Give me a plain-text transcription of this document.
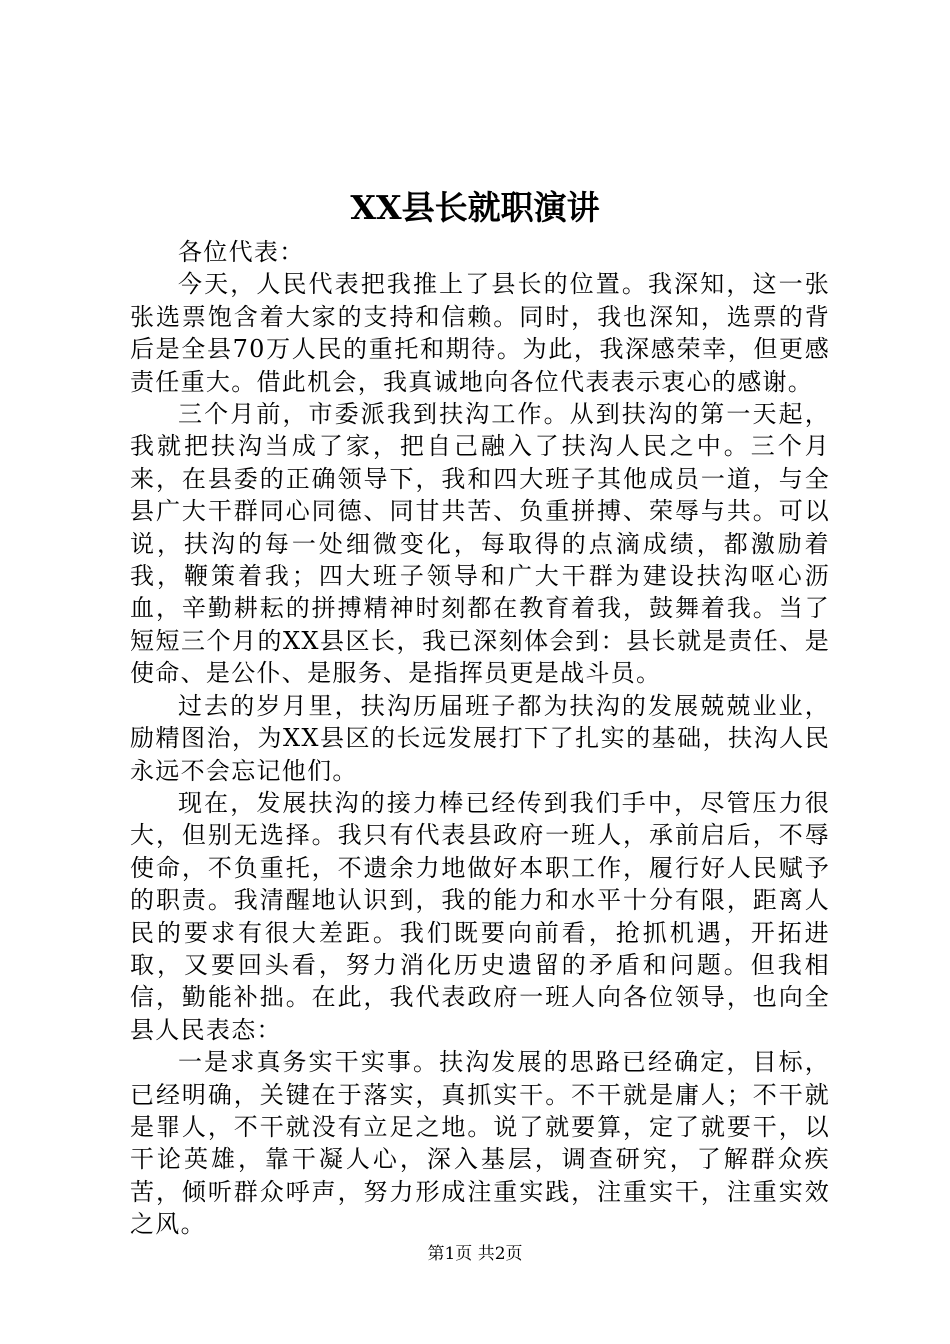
XX县长就职演讲

各位代表：

今天，人民代表把我推上了县长的位置。我深知，这一张张选票饱含着大家的支持和信赖。同时，我也深知，选票的背后是全县70万人民的重托和期待。为此，我深感荣幸，但更感责任重大。借此机会，我真诚地向各位代表表示衷心的感谢。

三个月前，市委派我到扶沟工作。从到扶沟的第一天起，我就把扶沟当成了家，把自己融入了扶沟人民之中。三个月来，在县委的正确领导下，我和四大班子其他成员一道，与全县广大干群同心同德、同甘共苦、负重拼搏、荣辱与共。可以说，扶沟的每一处细微变化，每取得的点滴成绩，都激励着我，鞭策着我；四大班子领导和广大干群为建设扶沟呕心沥血，辛勤耕耘的拼搏精神时刻都在教育着我，鼓舞着我。当了短短三个月的XX县区长，我已深刻体会到：县长就是责任、是使命、是公仆、是服务、是指挥员更是战斗员。

过去的岁月里，扶沟历届班子都为扶沟的发展兢兢业业，励精图治，为XX县区的长远发展打下了扎实的基础，扶沟人民永远不会忘记他们。

现在，发展扶沟的接力棒已经传到我们手中，尽管压力很大，但别无选择。我只有代表县政府一班人，承前启后，不辱使命，不负重托，不遗余力地做好本职工作，履行好人民赋予的职责。我清醒地认识到，我的能力和水平十分有限，距离人民的要求有很大差距。我们既要向前看，抢抓机遇，开拓进取，又要回头看，努力消化历史遗留的矛盾和问题。但我相信，勤能补拙。在此，我代表政府一班人向各位领导，也向全县人民表态：

一是求真务实干实事。扶沟发展的思路已经确定，目标，已经明确，关键在于落实，真抓实干。不干就是庸人；不干就是罪人，不干就没有立足之地。说了就要算，定了就要干，以干论英雄，靠干凝人心，深入基层，调查研究，了解群众疾苦，倾听群众呼声，努力形成注重实践，注重实干，注重实效之风。

第1页 共2页
